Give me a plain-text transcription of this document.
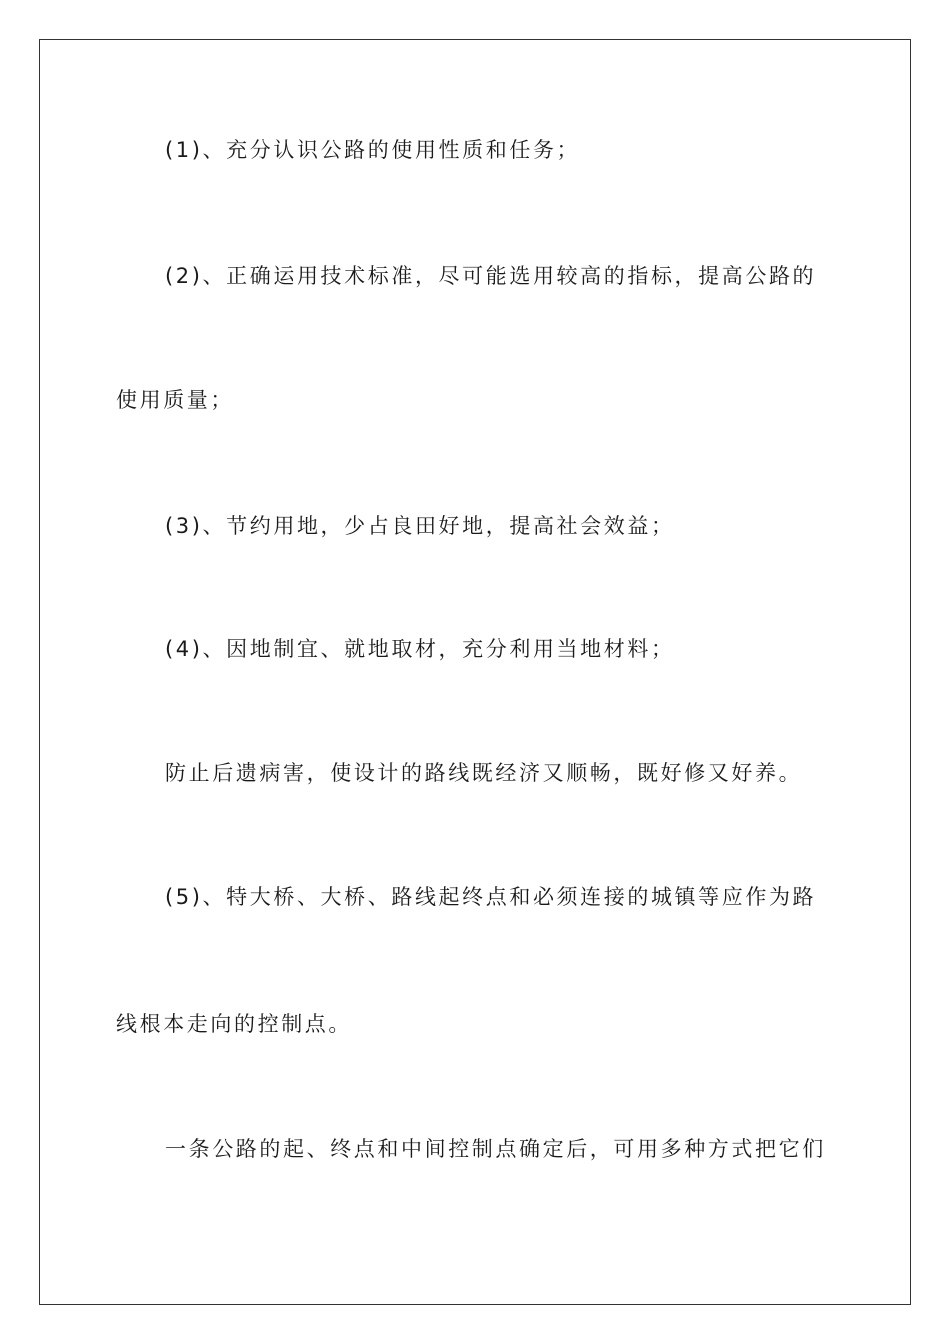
(1)、充分认识公路的使用性质和任务；
(2)、正确运用技术标准，尽可能选用较高的指标，提高公路的
使用质量；
(3)、节约用地，少占良田好地，提高社会效益；
(4)、因地制宜、就地取材，充分利用当地材料；
防止后遗病害，使设计的路线既经济又顺畅，既好修又好养。
(5)、特大桥、大桥、路线起终点和必须连接的城镇等应作为路
线根本走向的控制点。
一条公路的起、终点和中间控制点确定后，可用多种方式把它们
